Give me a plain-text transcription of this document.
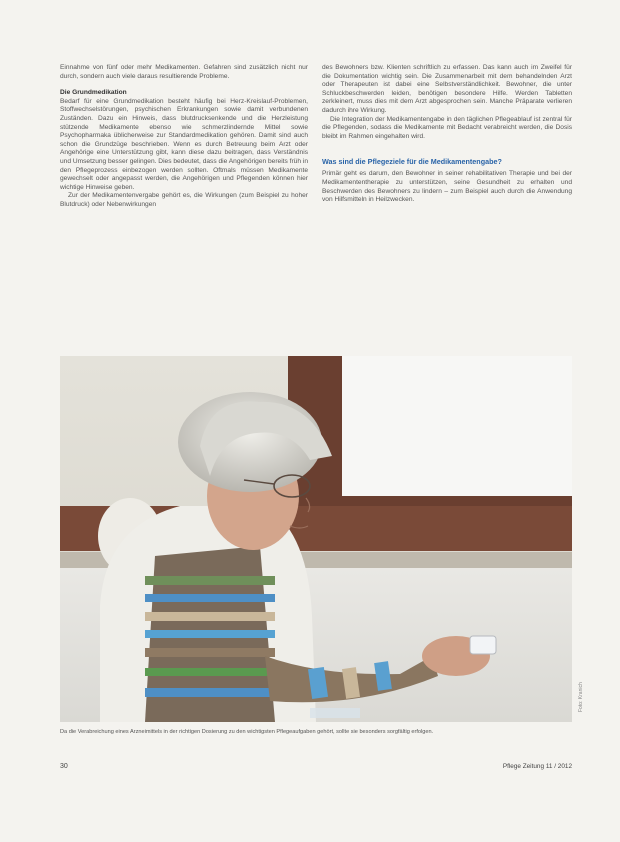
Einnahme von fünf oder mehr Medikamenten. Gefahren sind zusätzlich nicht nur durch, sondern auch viele daraus resultierende Probleme.

Die Grundmedikation

Bedarf für eine Grundmedikation besteht häufig bei Herz-Kreislauf-Problemen, Stoffwechselstörungen, psychischen Erkrankungen sowie damit verbundenen Zuständen. Dazu ein Hinweis, dass blutdrucksenkende und die Herzleistung stützende Medikamente ebenso wie schmerzlindernde Mittel sowie Psychopharmaka üblicherweise zur Standardmedikation gehören. Damit sind auch schon die Grundzüge beschrieben. Wenn es durch Betreuung beim Arzt oder Angehörige eine Unterstützung gibt, kann diese dazu beitragen, dass Verständnis und Umsetzung besser gelingen. Dies bedeutet, dass die Angehörigen bereits früh in den Pflegeprozess einbezogen werden sollten. Oftmals müssen Medikamente gewechselt oder angepasst werden, die Angehörigen und Pflegenden können hier wichtige Hinweise geben.

Zur der Medikamentenvergabe gehört es, die Wirkungen (zum Beispiel zu hoher Blutdruck) oder Nebenwirkungen

des Bewohners bzw. Klienten schriftlich zu erfassen. Das kann auch im Zweifel für die Dokumentation wichtig sein. Die Zusammenarbeit mit dem behandelnden Arzt oder Therapeuten ist dabei eine Selbstverständlichkeit. Bewohner, die unter Schluckbeschwerden leiden, benötigen besondere Hilfe. Werden Tabletten zerkleinert, muss dies mit dem Arzt abgesprochen sein. Manche Präparate verlieren dadurch ihre Wirkung.

Die Integration der Medikamentengabe in den täglichen Pflegeablauf ist zentral für die Pflegenden, sodass die Medikamente mit Bedacht verabreicht werden, die Dosis bleibt im Rahmen eingehalten wird.

Was sind die Pflegeziele für die Medikamentengabe?

Primär geht es darum, den Bewohner in seiner rehabilitativen Therapie und bei der Medikamententherapie zu unterstützen, seine Gesundheit zu erhalten und Beschwerden des Bewohners zu lindern – zum Beispiel auch durch die Anwendung von Hilfsmitteln in Heilzwecken.

Da die Verabreichung eines Arzneimittels in der richtigen Dosierung zu den wichtigsten Pflegeaufgaben gehört, sollte sie besonders sorgfältig erfolgen.
Foto: Kranich
30	Pflege Zeitung 11 / 2012
